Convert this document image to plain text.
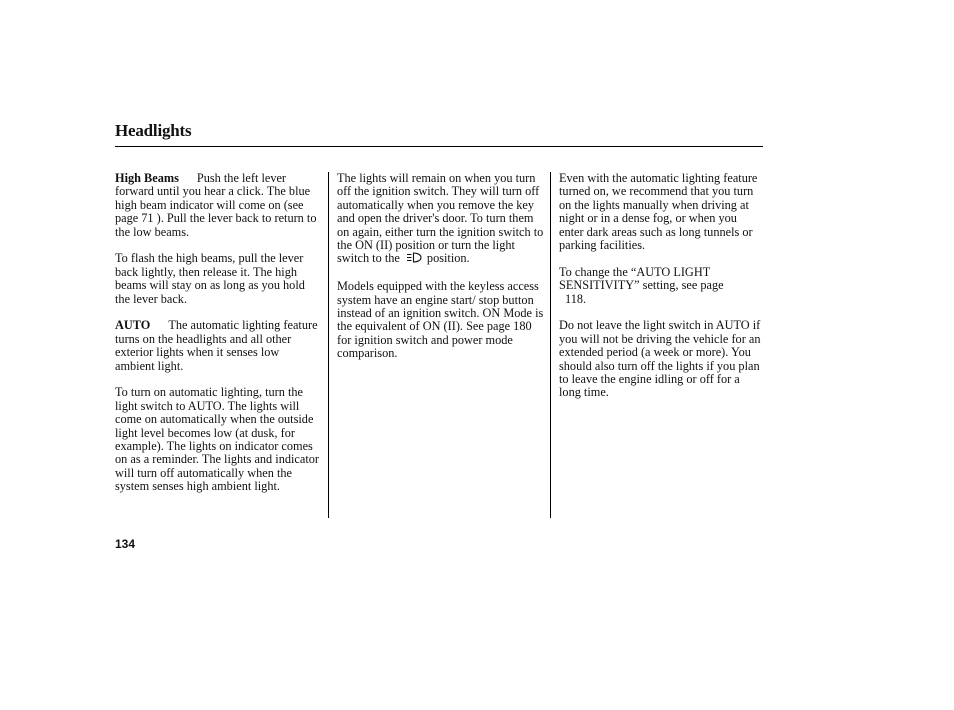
Headlights

High Beams Push the left lever forward until you hear a click. The blue high beam indicator will come on (see page 71 ). Pull the lever back to return to the low beams.

To flash the high beams, pull the lever back lightly, then release it. The high beams will stay on as long as you hold the lever back.

AUTO The automatic lighting feature turns on the headlights and all other exterior lights when it senses low ambient light.

To turn on automatic lighting, turn the light switch to AUTO. The lights will come on automatically when the outside light level becomes low (at dusk, for example). The lights on indicator comes on as a reminder. The lights and indicator will turn off automatically when the system senses high ambient light.

The lights will remain on when you turn off the ignition switch. They will turn off automatically when you remove the key and open the driver's door. To turn them on again, either turn the ignition switch to the ON (II) position or turn the light switch to the position.

Models equipped with the keyless access system have an engine start/ stop button instead of an ignition switch. ON Mode is the equivalent of ON (II). See page 180 for ignition switch and power mode comparison.

Even with the automatic lighting feature turned on, we recommend that you turn on the lights manually when driving at night or in a dense fog, or when you enter dark areas such as long tunnels or parking facilities.

To change the “AUTO LIGHT SENSITIVITY” setting, see page
118.

Do not leave the light switch in AUTO if you will not be driving the vehicle for an extended period (a week or more). You should also turn off the lights if you plan to leave the engine idling or off for a long time.

134
